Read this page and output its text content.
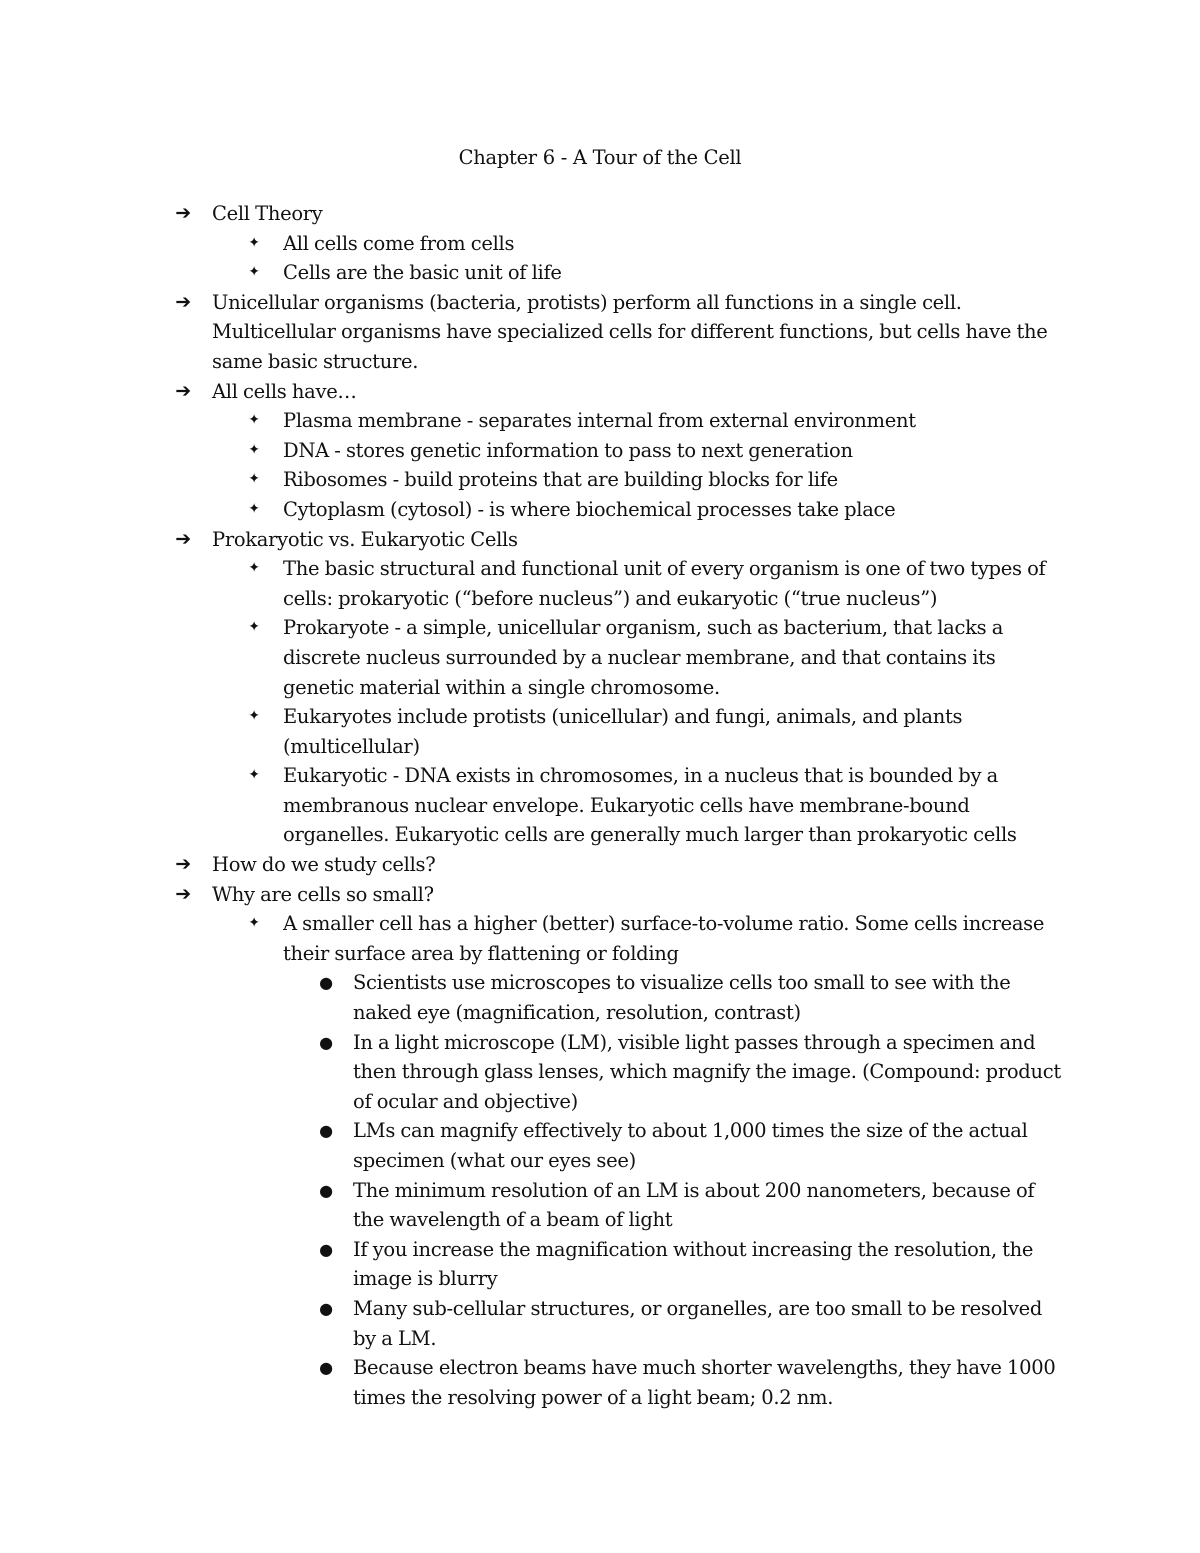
Chapter 6 - A Tour of the Cell
➔ Cell Theory
✦ All cells come from cells
✦ Cells are the basic unit of life
➔ Unicellular organisms (bacteria, protists) perform all functions in a single cell. Multicellular organisms have specialized cells for different functions, but cells have the same basic structure.
➔ All cells have…
✦ Plasma membrane - separates internal from external environment
✦ DNA - stores genetic information to pass to next generation
✦ Ribosomes - build proteins that are building blocks for life
✦ Cytoplasm (cytosol) - is where biochemical processes take place
➔ Prokaryotic vs. Eukaryotic Cells
✦ The basic structural and functional unit of every organism is one of two types of cells: prokaryotic (“before nucleus”) and eukaryotic (“true nucleus”)
✦ Prokaryote - a simple, unicellular organism, such as bacterium, that lacks a discrete nucleus surrounded by a nuclear membrane, and that contains its genetic material within a single chromosome.
✦ Eukaryotes include protists (unicellular) and fungi, animals, and plants (multicellular)
✦ Eukaryotic - DNA exists in chromosomes, in a nucleus that is bounded by a membranous nuclear envelope. Eukaryotic cells have membrane-bound organelles. Eukaryotic cells are generally much larger than prokaryotic cells
➔ How do we study cells?
➔ Why are cells so small?
✦ A smaller cell has a higher (better) surface-to-volume ratio. Some cells increase their surface area by flattening or folding
● Scientists use microscopes to visualize cells too small to see with the naked eye (magnification, resolution, contrast)
● In a light microscope (LM), visible light passes through a specimen and then through glass lenses, which magnify the image. (Compound: product of ocular and objective)
● LMs can magnify effectively to about 1,000 times the size of the actual specimen (what our eyes see)
● The minimum resolution of an LM is about 200 nanometers, because of the wavelength of a beam of light
● If you increase the magnification without increasing the resolution, the image is blurry
● Many sub-cellular structures, or organelles, are too small to be resolved by a LM.
● Because electron beams have much shorter wavelengths, they have 1000 times the resolving power of a light beam; 0.2 nm.
